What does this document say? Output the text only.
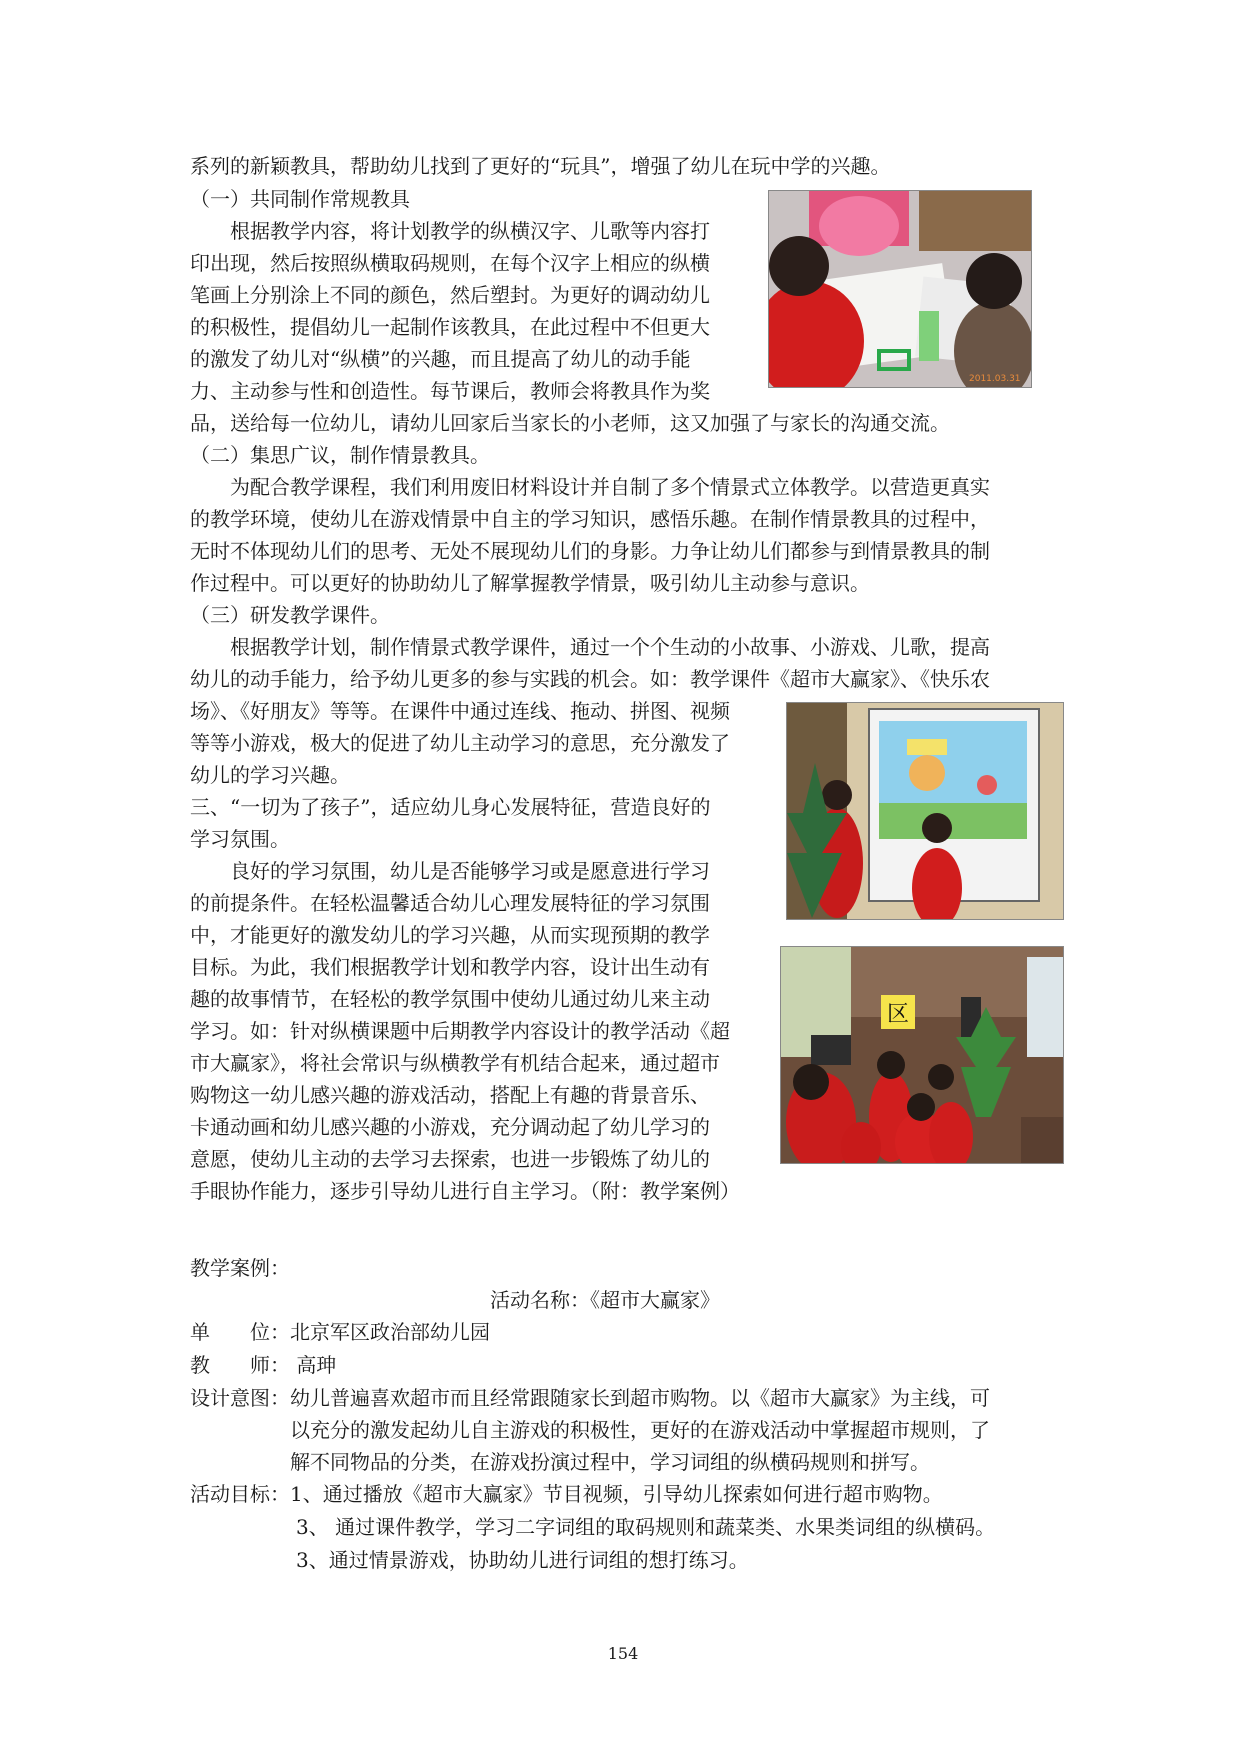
系列的新颖教具，帮助幼儿找到了更好的“玩具”，增强了幼儿在玩中学的兴趣。
（一）共同制作常规教具
　　根据教学内容，将计划教学的纵横汉字、儿歌等内容打
印出现，然后按照纵横取码规则，在每个汉字上相应的纵横
笔画上分别涂上不同的颜色，然后塑封。为更好的调动幼儿
的积极性，提倡幼儿一起制作该教具，在此过程中不但更大
的激发了幼儿对“纵横”的兴趣，而且提高了幼儿的动手能
力、主动参与性和创造性。每节课后，教师会将教具作为奖
品，送给每一位幼儿，请幼儿回家后当家长的小老师，这又加强了与家长的沟通交流。
（二）集思广议，制作情景教具。
　　为配合教学课程，我们利用废旧材料设计并自制了多个情景式立体教学。以营造更真实
的教学环境，使幼儿在游戏情景中自主的学习知识，感悟乐趣。在制作情景教具的过程中，
无时不体现幼儿们的思考、无处不展现幼儿们的身影。力争让幼儿们都参与到情景教具的制
作过程中。可以更好的协助幼儿了解掌握教学情景，吸引幼儿主动参与意识。
（三）研发教学课件。
　　根据教学计划，制作情景式教学课件，通过一个个生动的小故事、小游戏、儿歌，提高
幼儿的动手能力，给予幼儿更多的参与实践的机会。如：教学课件《超市大赢家》、《快乐农
场》、《好朋友》等等。在课件中通过连线、拖动、拼图、视频
等等小游戏，极大的促进了幼儿主动学习的意思，充分激发了
幼儿的学习兴趣。
三、“一切为了孩子”，适应幼儿身心发展特征，营造良好的
学习氛围。
　　良好的学习氛围，幼儿是否能够学习或是愿意进行学习
的前提条件。在轻松温馨适合幼儿心理发展特征的学习氛围
中，才能更好的激发幼儿的学习兴趣，从而实现预期的教学
目标。为此，我们根据教学计划和教学内容，设计出生动有
趣的故事情节，在轻松的教学氛围中使幼儿通过幼儿来主动
学习。如：针对纵横课题中后期教学内容设计的教学活动《超
市大赢家》，将社会常识与纵横教学有机结合起来，通过超市
购物这一幼儿感兴趣的游戏活动，搭配上有趣的背景音乐、
卡通动画和幼儿感兴趣的小游戏，充分调动起了幼儿学习的
意愿，使幼儿主动的去学习去探索，也进一步锻炼了幼儿的
手眼协作能力，逐步引导幼儿进行自主学习。（附：教学案例）
教学案例：
活动名称：《超市大赢家》
单　　位：北京军区政治部幼儿园
教　　师： 高珅
设计意图：幼儿普遍喜欢超市而且经常跟随家长到超市购物。以《超市大赢家》为主线，可
以充分的激发起幼儿自主游戏的积极性，更好的在游戏活动中掌握超市规则，了
解不同物品的分类，在游戏扮演过程中，学习词组的纵横码规则和拼写。
活动目标：1、通过播放《超市大赢家》节目视频，引导幼儿探索如何进行超市购物。
3、 通过课件教学，学习二字词组的取码规则和蔬菜类、水果类词组的纵横码。
3、通过情景游戏，协助幼儿进行词组的想打练习。
2011.03.31
区
154
